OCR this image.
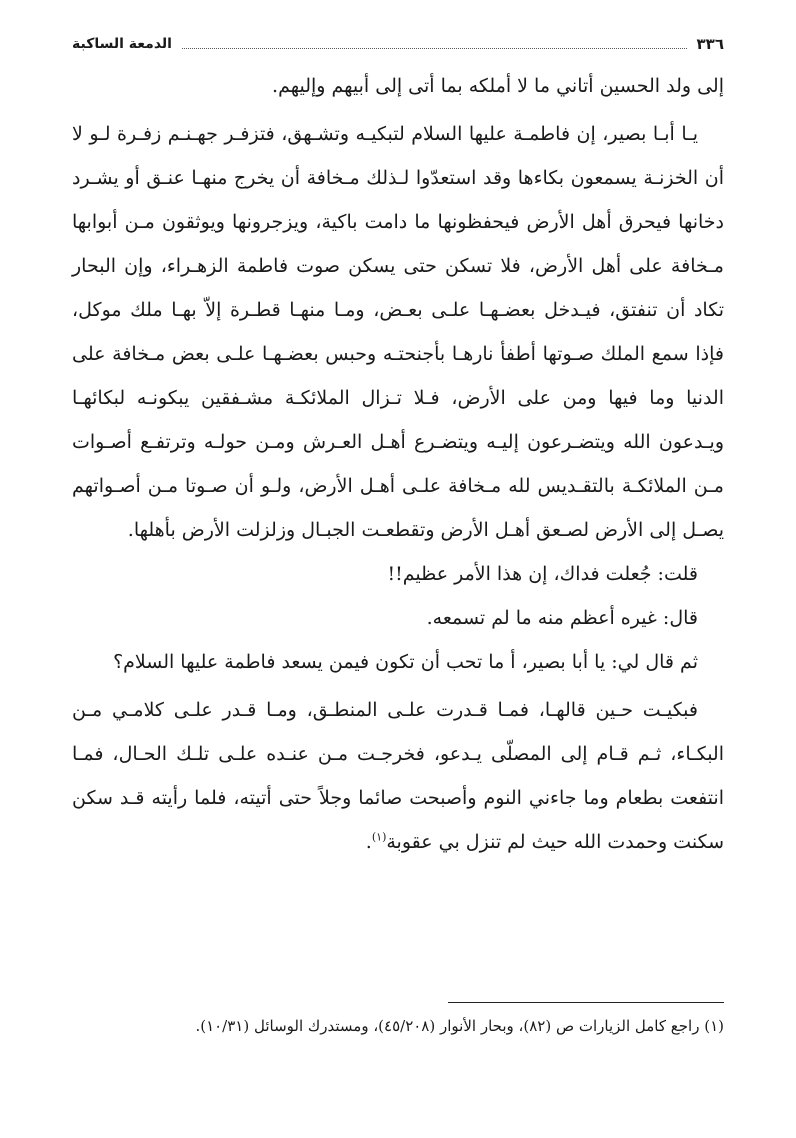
٣٣٦
الدمعة الساكبة

إلى ولد الحسين أتاني ما لا أملكه بما أتى إلى أبيهم وإليهم.

يـا أبـا بصير، إن فاطمـة عليها السلام لتبكيـه وتشـهق، فتزفـر جهـنـم زفـرة لـو لا أن الخزنـة يسمعون بكاءها وقد استعدّوا لـذلك مـخافة أن يخرج منهـا عنـق أو يشـرد دخانها فيحرق أهل الأرض فيحفظونها ما دامت باكية، ويزجرونها ويوثقون مـن أبوابها مـخافة على أهل الأرض، فلا تسكن حتى يسكن صوت فاطمة الزهـراء، وإن البحار تكاد أن تنفتق، فيـدخل بعضـهـا علـى بعـض، ومـا منهـا قطـرة إلاّ بهـا ملك موكل، فإذا سمع الملك صـوتها أطفأ نارهـا بأجنحتـه وحبس بعضـهـا علـى بعض مـخافة على الدنيا وما فيها ومن على الأرض، فـلا تـزال الملائكـة مشـفقين يبكونـه لبكائهـا ويـدعون الله ويتضـرعون إليـه ويتضـرع أهـل العـرش ومـن حولـه وترتفـع أصـوات مـن الملائكـة بالتقـديس لله مـخافة علـى أهـل الأرض، ولـو أن صـوتا مـن أصـواتهم يصـل إلى الأرض لصـعق أهـل الأرض وتقطعـت الجبـال وزلزلت الأرض بأهلها.

قلت: جُعلت فداك، إن هذا الأمر عظيم!!

قال: غيره أعظم منه ما لم تسمعه.

ثم قال لي: يا أبا بصير، أ ما تحب أن تكون فيمن يسعد فاطمة عليها السلام؟

فبكيـت حـين قالهـا، فمـا قـدرت علـى المنطـق، ومـا قـدر علـى كلامـي مـن البكـاء، ثـم قـام إلى المصلّى يـدعو، فخرجـت مـن عنـده علـى تلـك الحـال، فمـا انتفعت بطعام وما جاءني النوم وأصبحت صائما وجلاً حتى أتيته، فلما رأيته قـد سكن سكنت وحمدت الله حيث لم تنزل بي عقوبة$^{(١)}$.

(١) راجع كامل الزيارات ص (٨٢)، وبحار الأنوار (٤٥/٢٠٨)، ومستدرك الوسائل (١٠/٣١).
